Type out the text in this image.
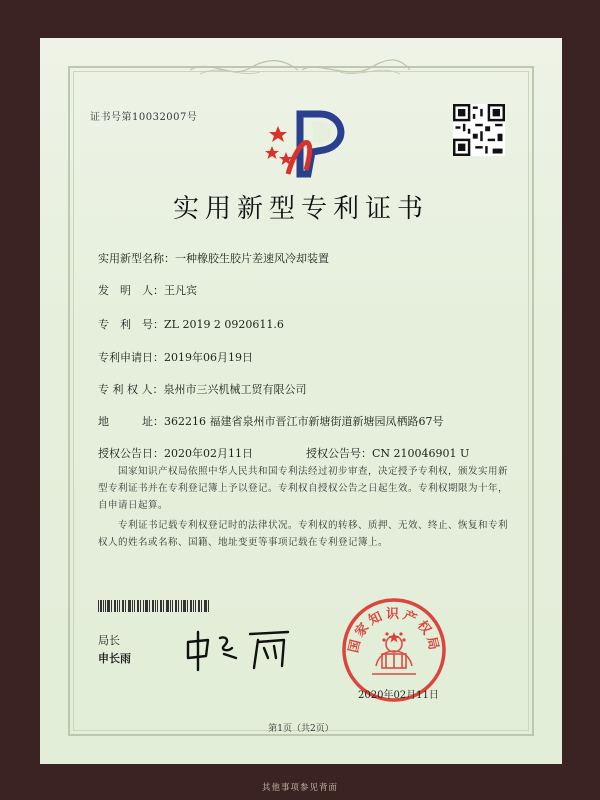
证书号第10032007号
实用新型专利证书
实用新型名称：一种橡胶生胶片差速风冷却装置
发　明　人：王凡宾
专　利　号：ZL 2019 2 0920611.6
专利申请日：2019年06月19日
专 利 权 人：泉州市三兴机械工贸有限公司
地　　　址：362216 福建省泉州市晋江市新塘街道新塘园凤栖路67号
授权公告日：2020年02月11日	授权公告号：CN 210046901 U
国家知识产权局依照中华人民共和国专利法经过初步审查，决定授予专利权，颁发实用新型专利证书并在专利登记簿上予以登记。专利权自授权公告之日起生效。专利权期限为十年，自申请日起算。
专利证书记载专利权登记时的法律状况。专利权的转移、质押、无效、终止、恢复和专利权人的姓名或名称、国籍、地址变更等事项记载在专利登记簿上。
局长
申长雨
国家知识产权局
2020年02月11日
第1页（共2页）
其他事项参见背面
